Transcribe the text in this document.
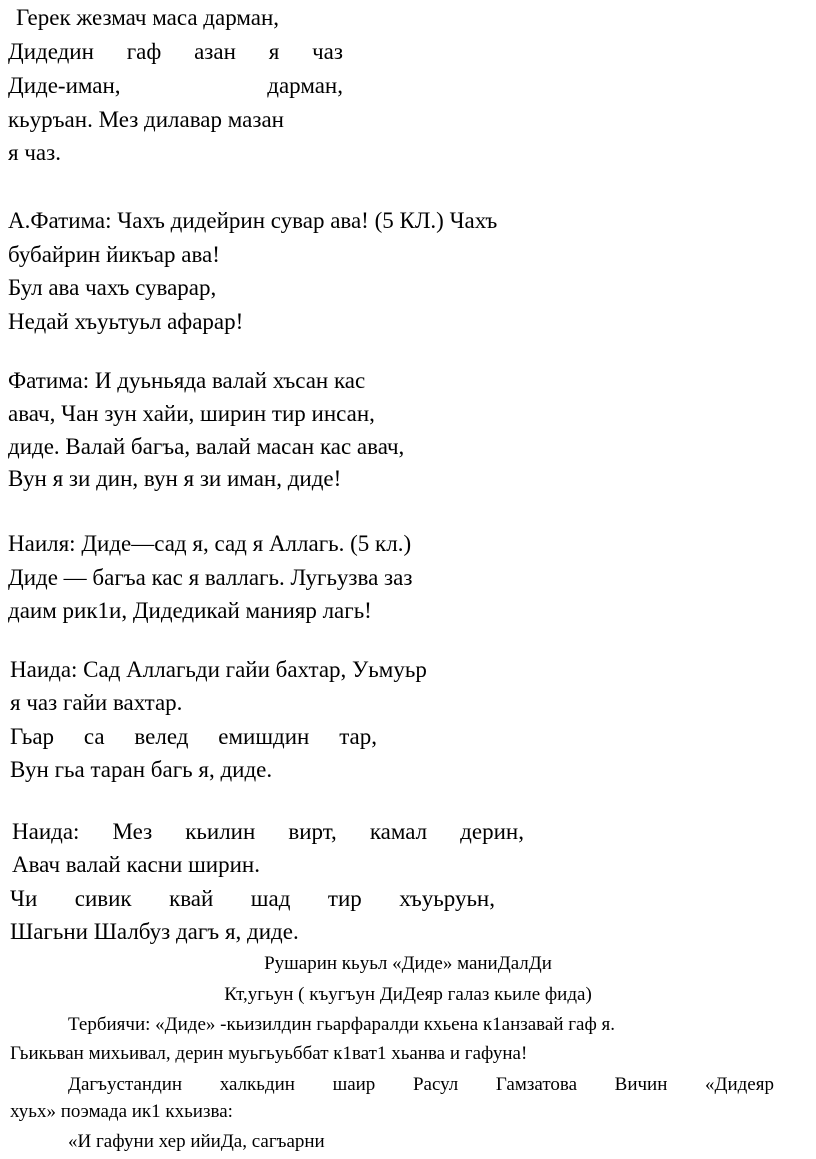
Герек жезмач маса дарман,
Дидедин гаф азан я чаз
Диде-иман,	дарман,
кьуръан. Мез дилавар мазан
я чаз.
А.Фатима: Чахъ дидейрин сувар ава! (5 КЛ.) Чахъ
бубайрин йикъар ава!
Бул ава чахъ суварар,
Недай хъуьтуьл афарар!
Фатима: И дуьньяда валай хъсан кас
авач, Чан зун хайи, ширин тир инсан,
диде. Валай багъа, валай масан кас авач,
Вун я зи дин, вун я зи иман, диде!
Наиля: Диде—сад я, сад я Аллагь. (5 кл.)
Диде — багъа кас я валлагь. Лугьузва заз
даим рик1и, Дидедикай манияр лагь!
Наида: Сад Аллагьди гайи бахтар, Уьмуьр
я чаз гайи вахтар.
Гьар са велед емишдин тар,
Вун гьа таран багь я, диде.
Наида: Мез кьилин вирт, камал дерин,
Авач валай касни ширин.
Чи сивик квай шад тир хъуьруьн,
Шагьни Шалбуз дагъ я, диде.
Рушарин кьуьл «Диде» маниДалДи
Кт,угьун ( къугъун ДиДеяр галаз кьиле фида)
Тербиячи: «Диде» -кьизилдин гьарфаралди кхьена к1анзавай гаф я.
Гьикьван михьивал, дерин муьгьуьббат к1ват1 хьанва и гафуна!
Дагъустандин халкьдин шаир Расул Гамзатова Вичин «Дидеяр
хуьх» поэмада ик1 кхьизва:
«И гафуни хер ийиДа, сагъарни
